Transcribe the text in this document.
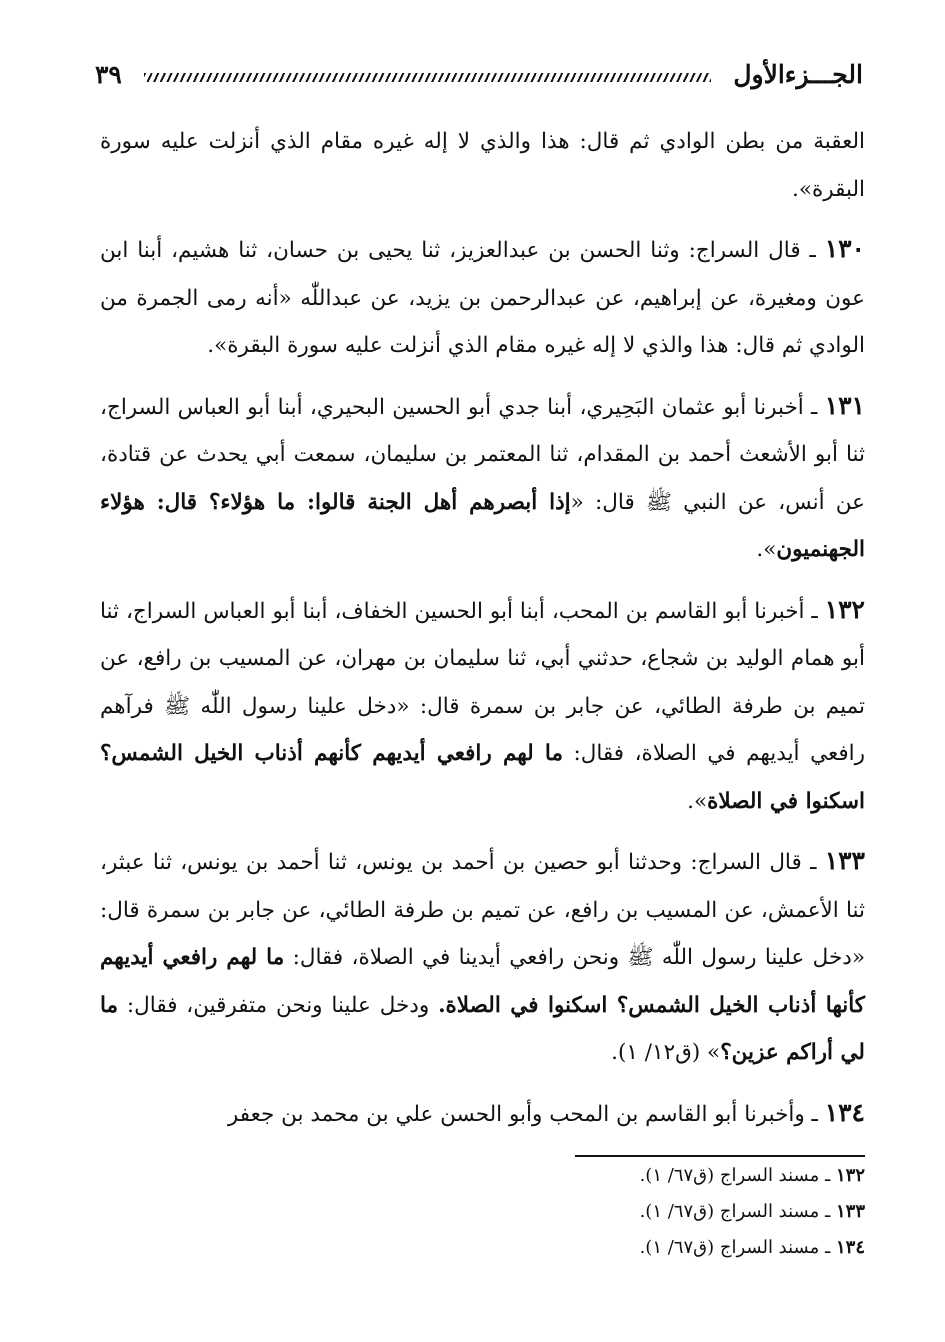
الجـــزءالأول
٣٩

العقبة من بطن الوادي ثم قال: هذا والذي لا إله غيره مقام الذي أنزلت عليه سورة البقرة».

١٣٠ ـ قال السراج: وثنا الحسن بن عبدالعزيز، ثنا يحيى بن حسان، ثنا هشيم، أبنا ابن عون ومغيرة، عن إبراهيم، عن عبدالرحمن بن يزيد، عن عبداللّٰه «أنه رمى الجمرة من الوادي ثم قال: هذا والذي لا إله غيره مقام الذي أنزلت عليه سورة البقرة».

١٣١ ـ أخبرنا أبو عثمان البَحِيري، أبنا جدي أبو الحسين البحيري، أبنا أبو العباس السراج، ثنا أبو الأشعث أحمد بن المقدام، ثنا المعتمر بن سليمان، سمعت أبي يحدث عن قتادة، عن أنس، عن النبي ﷺ قال: «إذا أبصرهم أهل الجنة قالوا: ما هؤلاء؟ قال: هؤلاء الجهنميون».

١٣٢ ـ أخبرنا أبو القاسم بن المحب، أبنا أبو الحسين الخفاف، أبنا أبو العباس السراج، ثنا أبو همام الوليد بن شجاع، حدثني أبي، ثنا سليمان بن مهران، عن المسيب بن رافع، عن تميم بن طرفة الطائي، عن جابر بن سمرة قال: «دخل علينا رسول اللّٰه ﷺ فرآهم رافعي أيديهم في الصلاة، فقال: ما لهم رافعي أيديهم كأنهم أذناب الخيل الشمس؟ اسكنوا في الصلاة».

١٣٣ ـ قال السراج: وحدثنا أبو حصين بن أحمد بن يونس، ثنا أحمد بن يونس، ثنا عبثر، ثنا الأعمش، عن المسيب بن رافع، عن تميم بن طرفة الطائي، عن جابر بن سمرة قال: «دخل علينا رسول اللّٰه ﷺ ونحن رافعي أيدينا في الصلاة، فقال: ما لهم رافعي أيديهم كأنها أذناب الخيل الشمس؟ اسكنوا في الصلاة. ودخل علينا ونحن متفرقين، فقال: ما لي أراكم عزين؟» (ق١٢/ ١).

١٣٤ ـ وأخبرنا أبو القاسم بن المحب وأبو الحسن علي بن محمد بن جعفر

١٣٢ ـ مسند السراج (ق٦٧/ ١).
١٣٣ ـ مسند السراج (ق٦٧/ ١).
١٣٤ ـ مسند السراج (ق٦٧/ ١).
